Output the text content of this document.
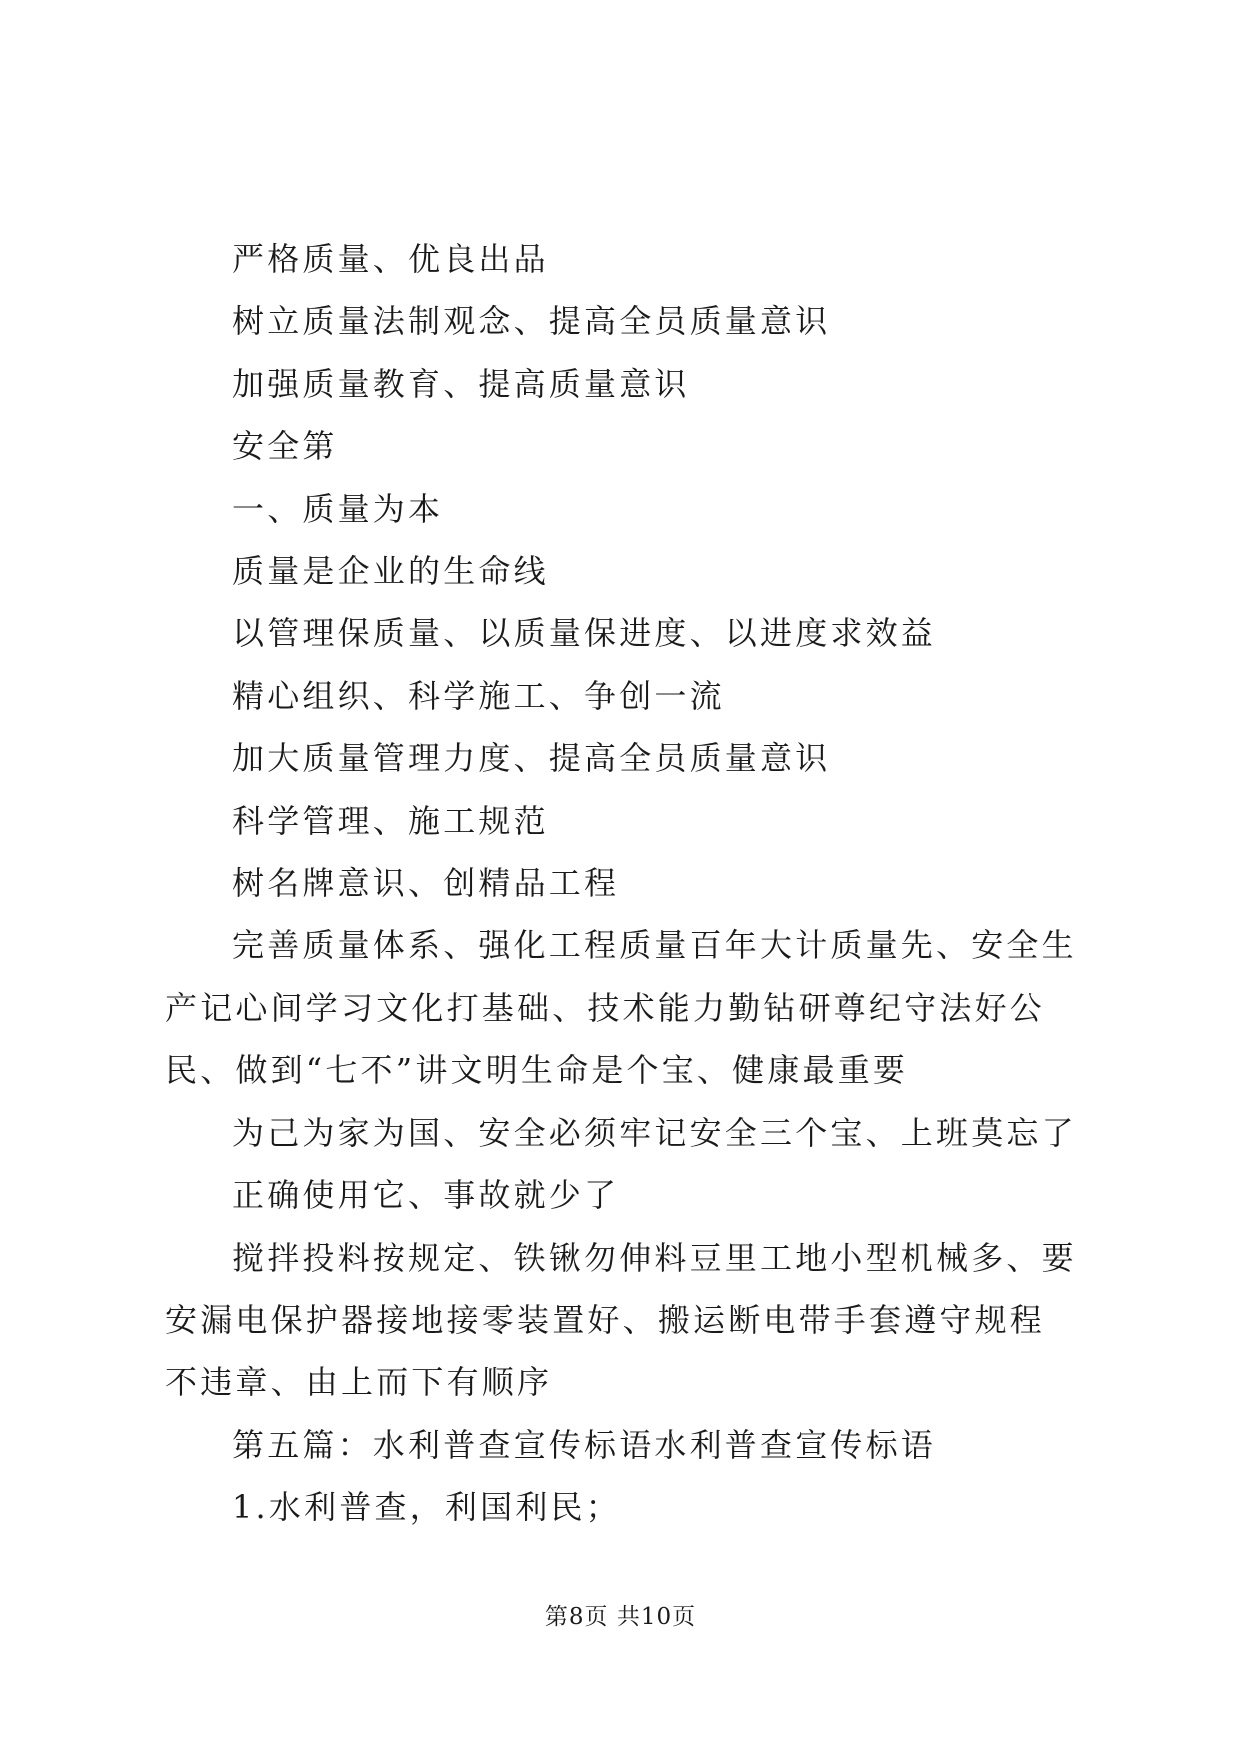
严格质量、优良出品

树立质量法制观念、提高全员质量意识

加强质量教育、提高质量意识

安全第

一、质量为本

质量是企业的生命线

以管理保质量、以质量保进度、以进度求效益

精心组织、科学施工、争创一流

加大质量管理力度、提高全员质量意识

科学管理、施工规范

树名牌意识、创精品工程

完善质量体系、强化工程质量百年大计质量先、安全生产记心间学习文化打基础、技术能力勤钻研尊纪守法好公民、做到“七不”讲文明生命是个宝、健康最重要

为己为家为国、安全必须牢记安全三个宝、上班莫忘了

正确使用它、事故就少了

搅拌投料按规定、铁锹勿伸料豆里工地小型机械多、要安漏电保护器接地接零装置好、搬运断电带手套遵守规程不违章、由上而下有顺序

第五篇：水利普查宣传标语水利普查宣传标语

1.水利普查，利国利民；

第8页 共10页
